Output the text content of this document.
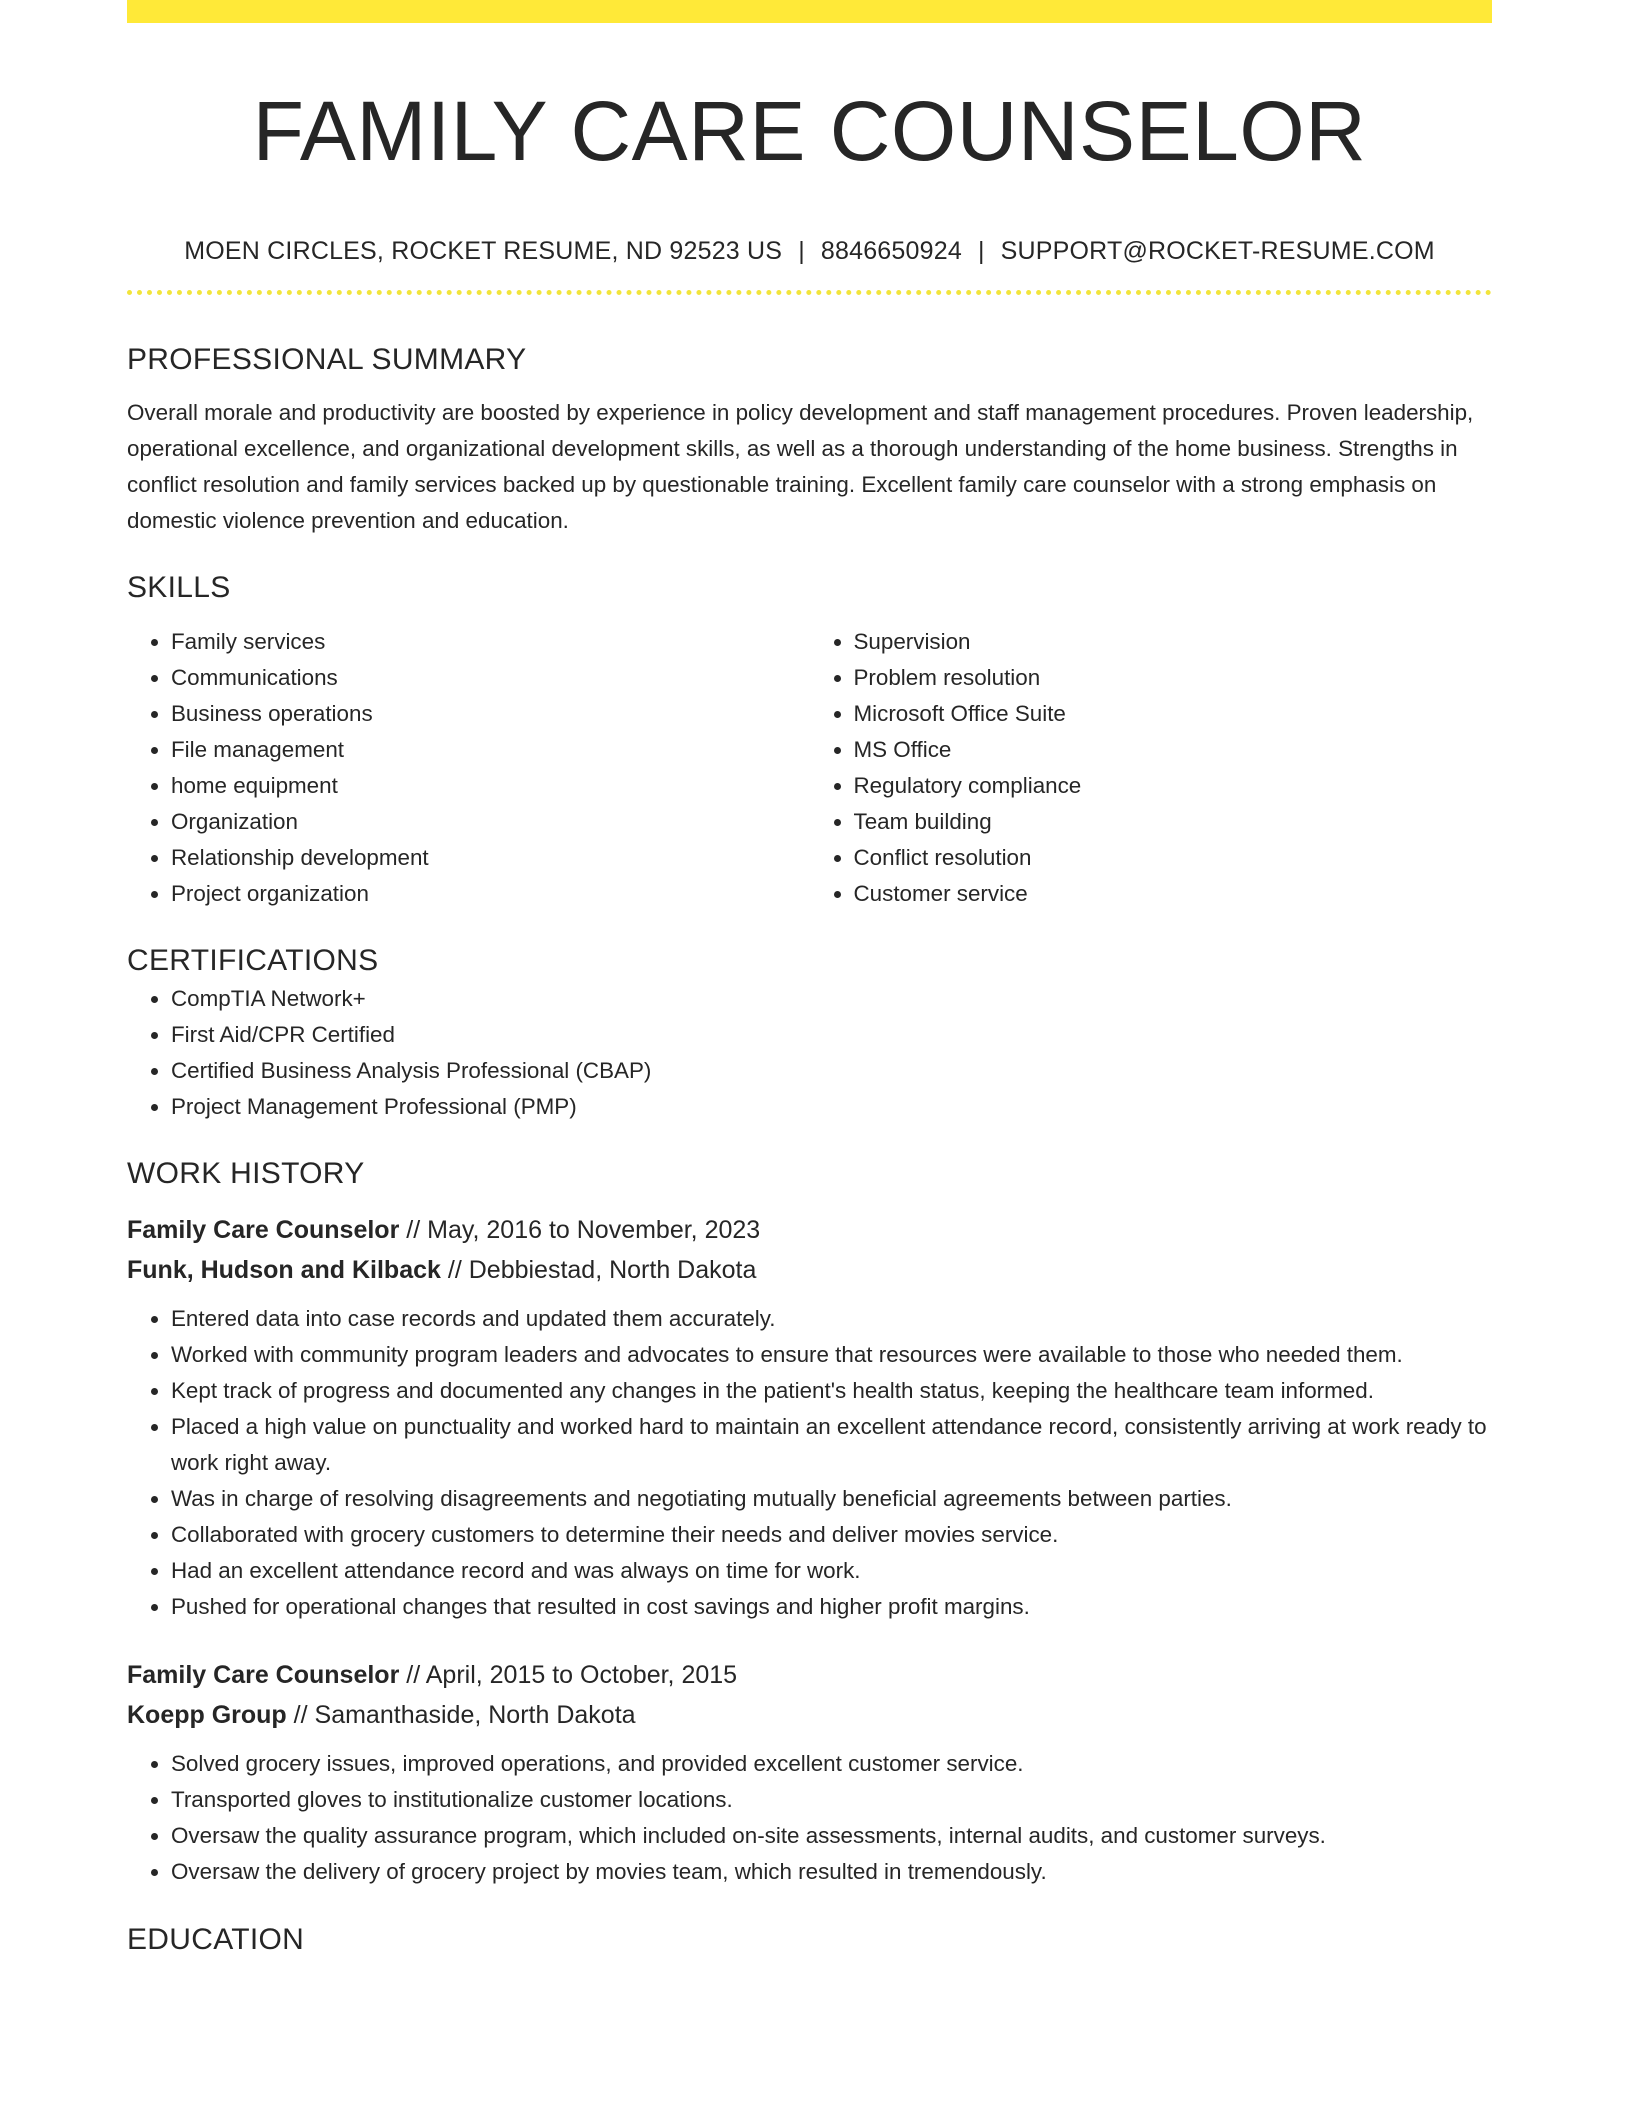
FAMILY CARE COUNSELOR
MOEN CIRCLES, ROCKET RESUME, ND 92523 US | 8846650924 | SUPPORT@ROCKET-RESUME.COM
PROFESSIONAL SUMMARY

Overall morale and productivity are boosted by experience in policy development and staff management procedures. Proven leadership, operational excellence, and organizational development skills, as well as a thorough understanding of the home business. Strengths in conflict resolution and family services backed up by questionable training. Excellent family care counselor with a strong emphasis on domestic violence prevention and education.

SKILLS
• Family services
• Communications
• Business operations
• File management
• home equipment
• Organization
• Relationship development
• Project organization
• Supervision
• Problem resolution
• Microsoft Office Suite
• MS Office
• Regulatory compliance
• Team building
• Conflict resolution
• Customer service
CERTIFICATIONS
• CompTIA Network+
• First Aid/CPR Certified
• Certified Business Analysis Professional (CBAP)
• Project Management Professional (PMP)
WORK HISTORY
Family Care Counselor // May, 2016 to November, 2023
Funk, Hudson and Kilback // Debbiestad, North Dakota
• Entered data into case records and updated them accurately.
• Worked with community program leaders and advocates to ensure that resources were available to those who needed them.
• Kept track of progress and documented any changes in the patient's health status, keeping the healthcare team informed.
• Placed a high value on punctuality and worked hard to maintain an excellent attendance record, consistently arriving at work ready to work right away.
• Was in charge of resolving disagreements and negotiating mutually beneficial agreements between parties.
• Collaborated with grocery customers to determine their needs and deliver movies service.
• Had an excellent attendance record and was always on time for work.
• Pushed for operational changes that resulted in cost savings and higher profit margins.
Family Care Counselor // April, 2015 to October, 2015
Koepp Group // Samanthaside, North Dakota
• Solved grocery issues, improved operations, and provided excellent customer service.
• Transported gloves to institutionalize customer locations.
• Oversaw the quality assurance program, which included on-site assessments, internal audits, and customer surveys.
• Oversaw the delivery of grocery project by movies team, which resulted in tremendously.
EDUCATION
